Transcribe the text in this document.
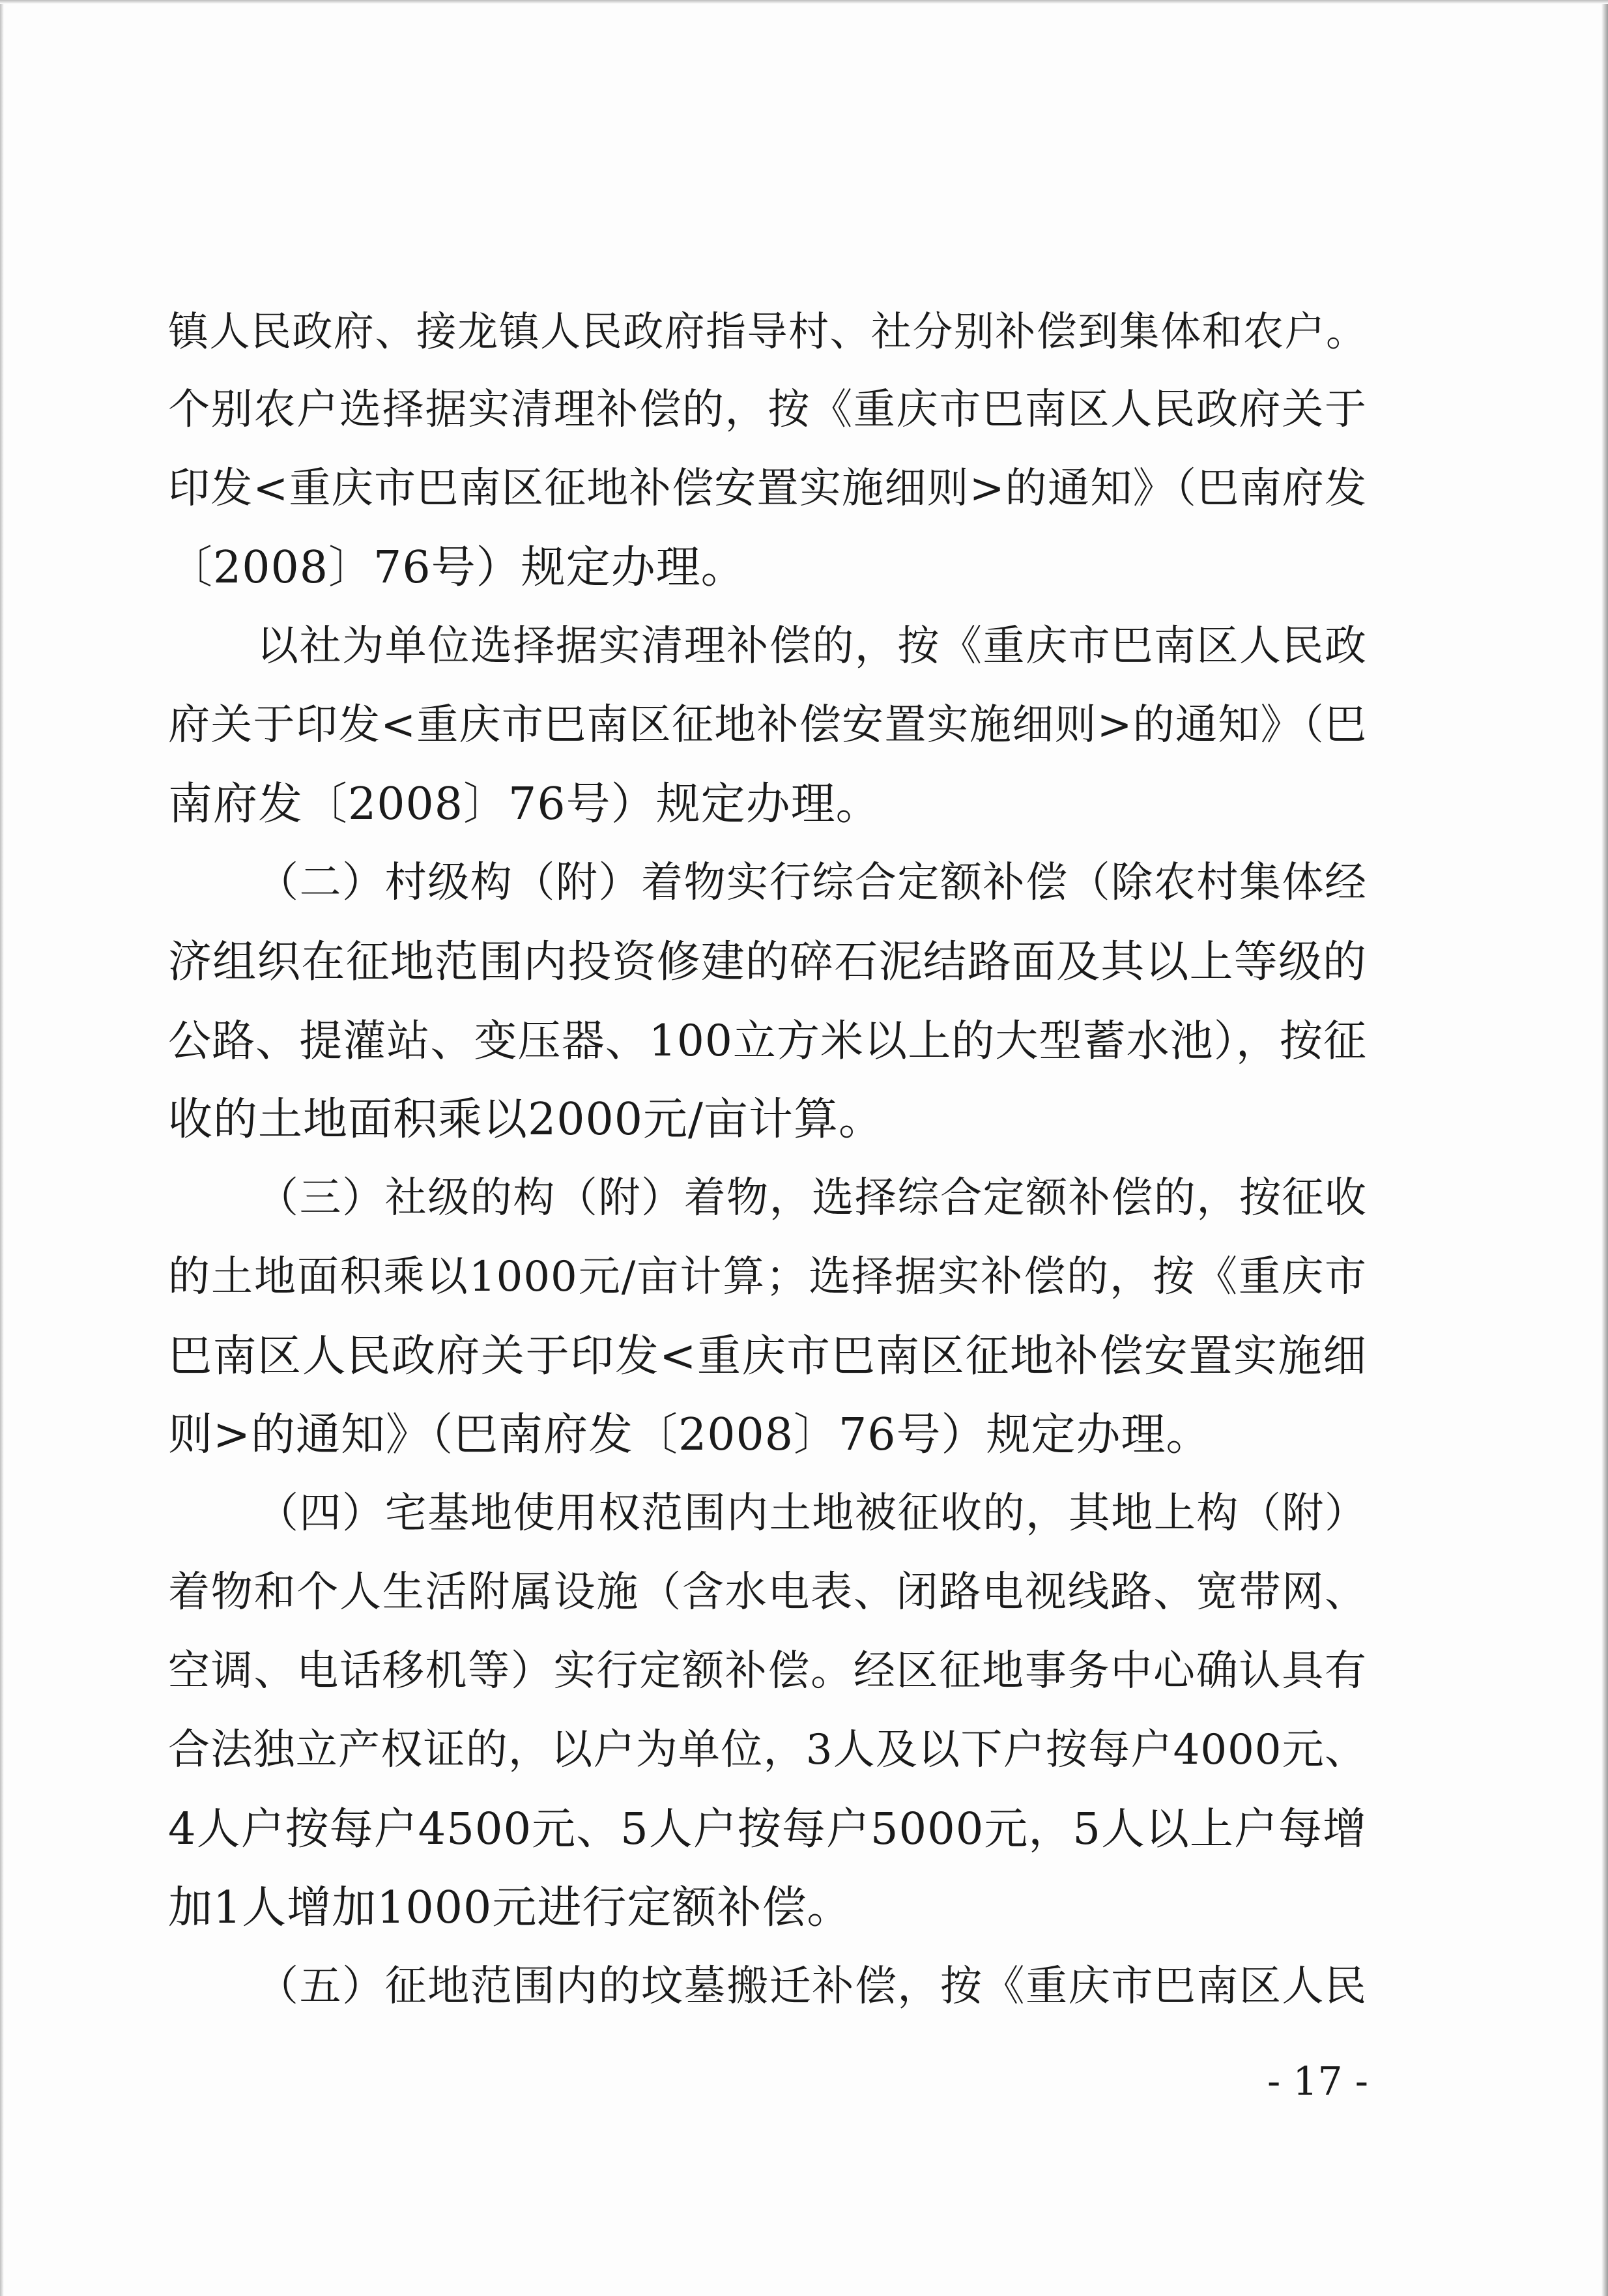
镇人民政府、接龙镇人民政府指导村、社分别补偿到集体和农户。
个别农户选择据实清理补偿的，按《重庆市巴南区人民政府关于
印发<重庆市巴南区征地补偿安置实施细则>的通知》（巴南府发
〔2008〕76号）规定办理。
以社为单位选择据实清理补偿的，按《重庆市巴南区人民政
府关于印发<重庆市巴南区征地补偿安置实施细则>的通知》（巴
南府发〔2008〕76号）规定办理。
（二）村级构（附）着物实行综合定额补偿（除农村集体经
济组织在征地范围内投资修建的碎石泥结路面及其以上等级的
公路、提灌站、变压器、100立方米以上的大型蓄水池），按征
收的土地面积乘以2000元/亩计算。
（三）社级的构（附）着物，选择综合定额补偿的，按征收
的土地面积乘以1000元/亩计算；选择据实补偿的，按《重庆市
巴南区人民政府关于印发<重庆市巴南区征地补偿安置实施细
则>的通知》（巴南府发〔2008〕76号）规定办理。
（四）宅基地使用权范围内土地被征收的，其地上构（附）
着物和个人生活附属设施（含水电表、闭路电视线路、宽带网、
空调、电话移机等）实行定额补偿。经区征地事务中心确认具有
合法独立产权证的，以户为单位，3人及以下户按每户4000元、
4人户按每户4500元、5人户按每户5000元，5人以上户每增
加1人增加1000元进行定额补偿。
（五）征地范围内的坟墓搬迁补偿，按《重庆市巴南区人民
- 17 -
